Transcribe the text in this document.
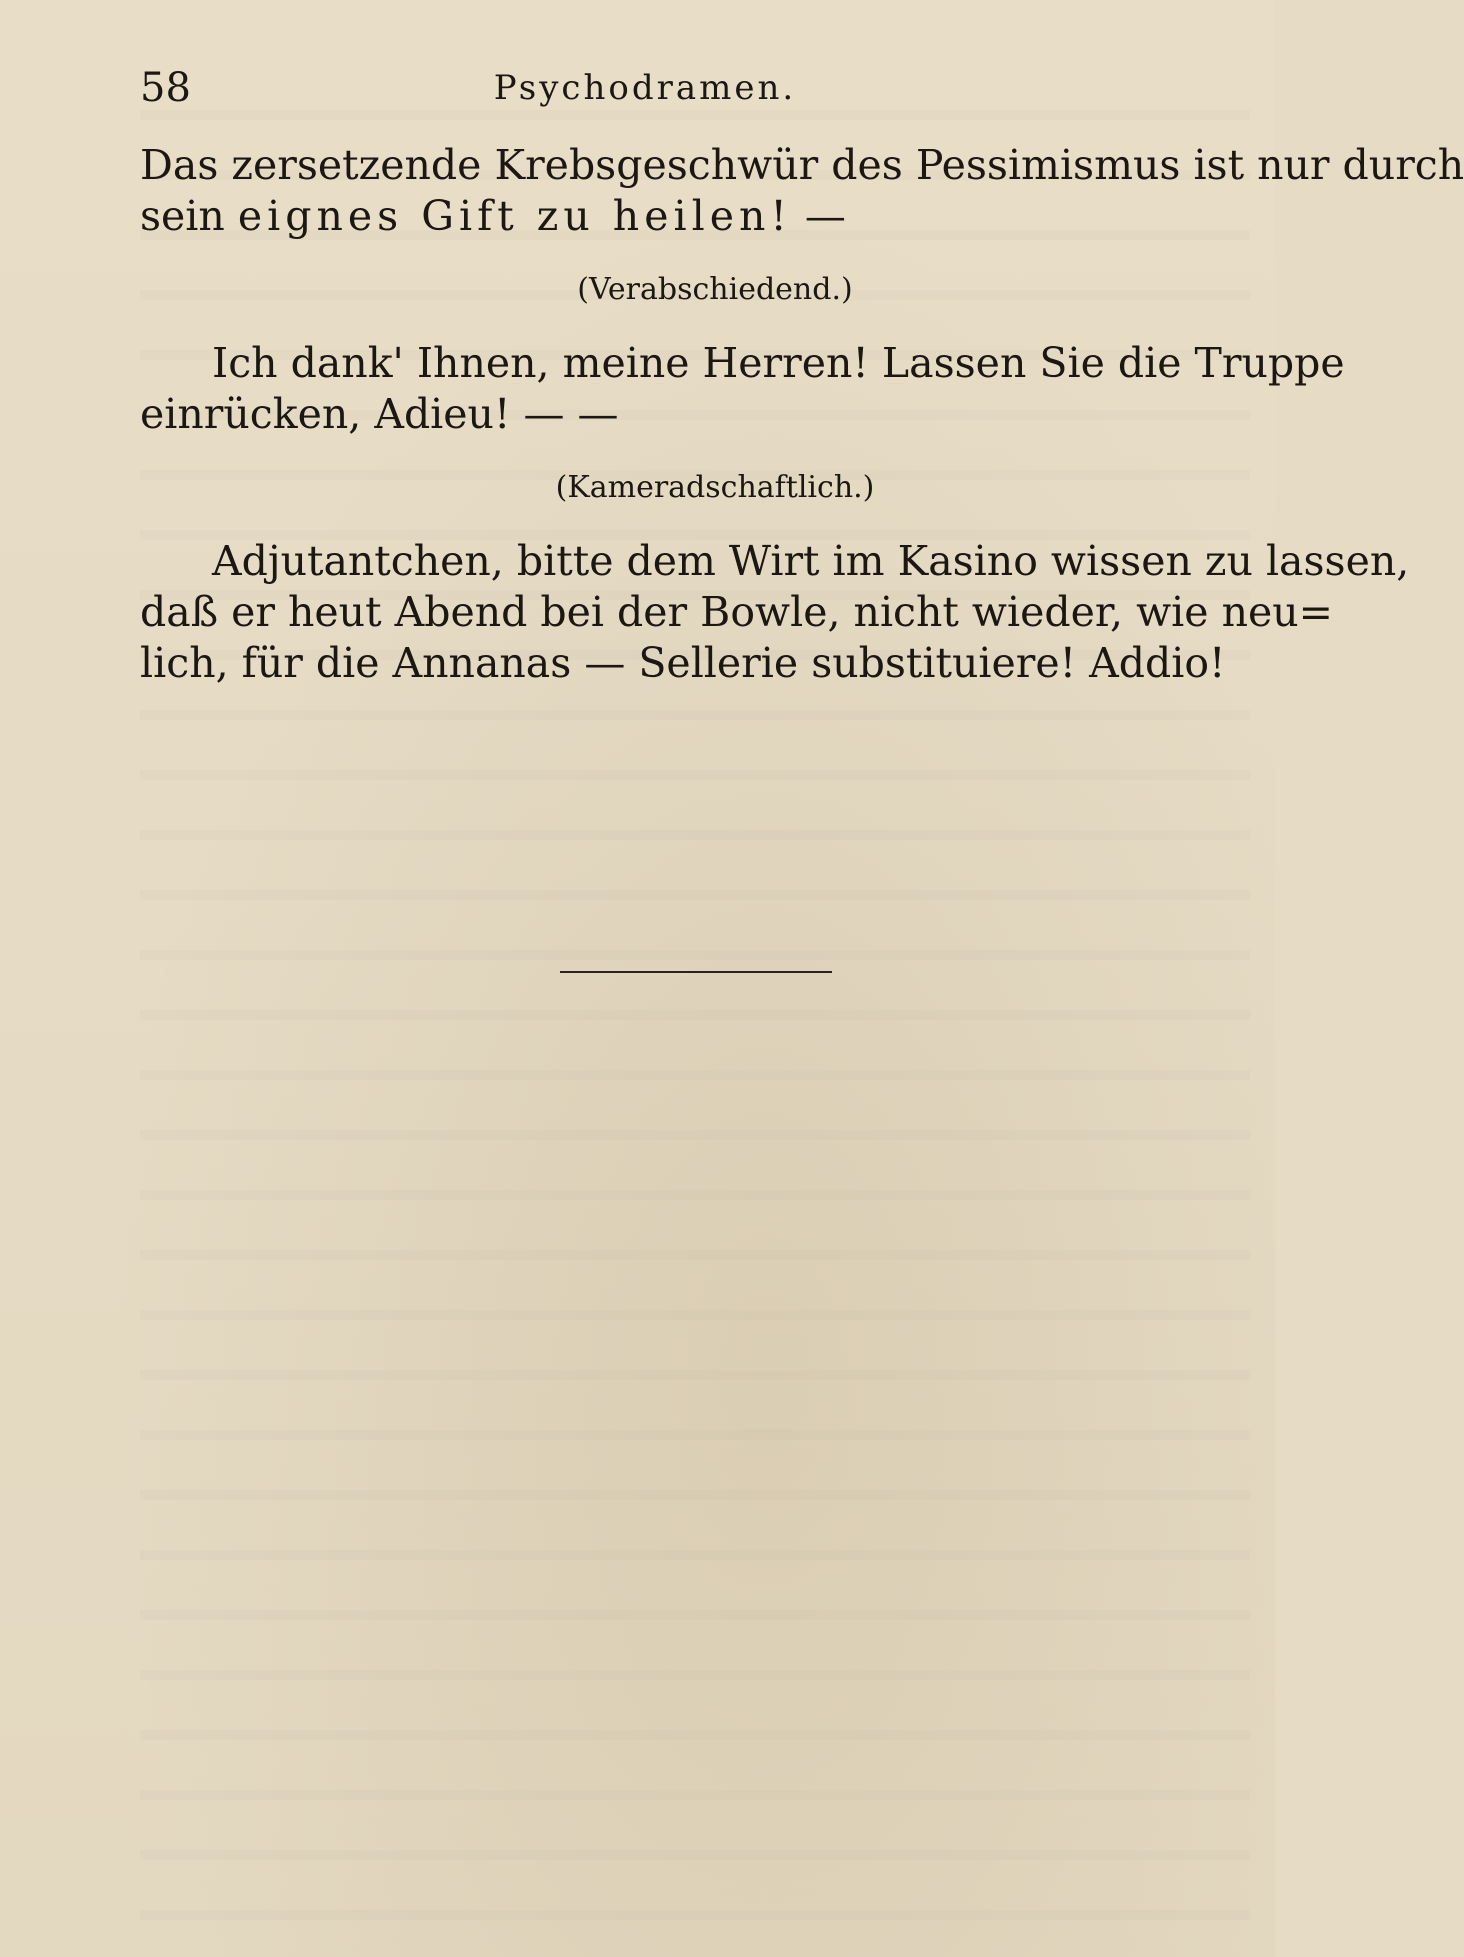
58	Psychodramen.

Das zersetzende Krebsgeschwür des Pessimismus ist nur durch
sein eignes Gift zu heilen! —

(Verabschiedend.)

Ich dank' Ihnen, meine Herren! Lassen Sie die Truppe
einrücken, Adieu! — —

(Kameradschaftlich.)

Adjutantchen, bitte dem Wirt im Kasino wissen zu lassen,
daß er heut Abend bei der Bowle, nicht wieder, wie neu=
lich, für die Annanas — Sellerie substituiere! Addio!
